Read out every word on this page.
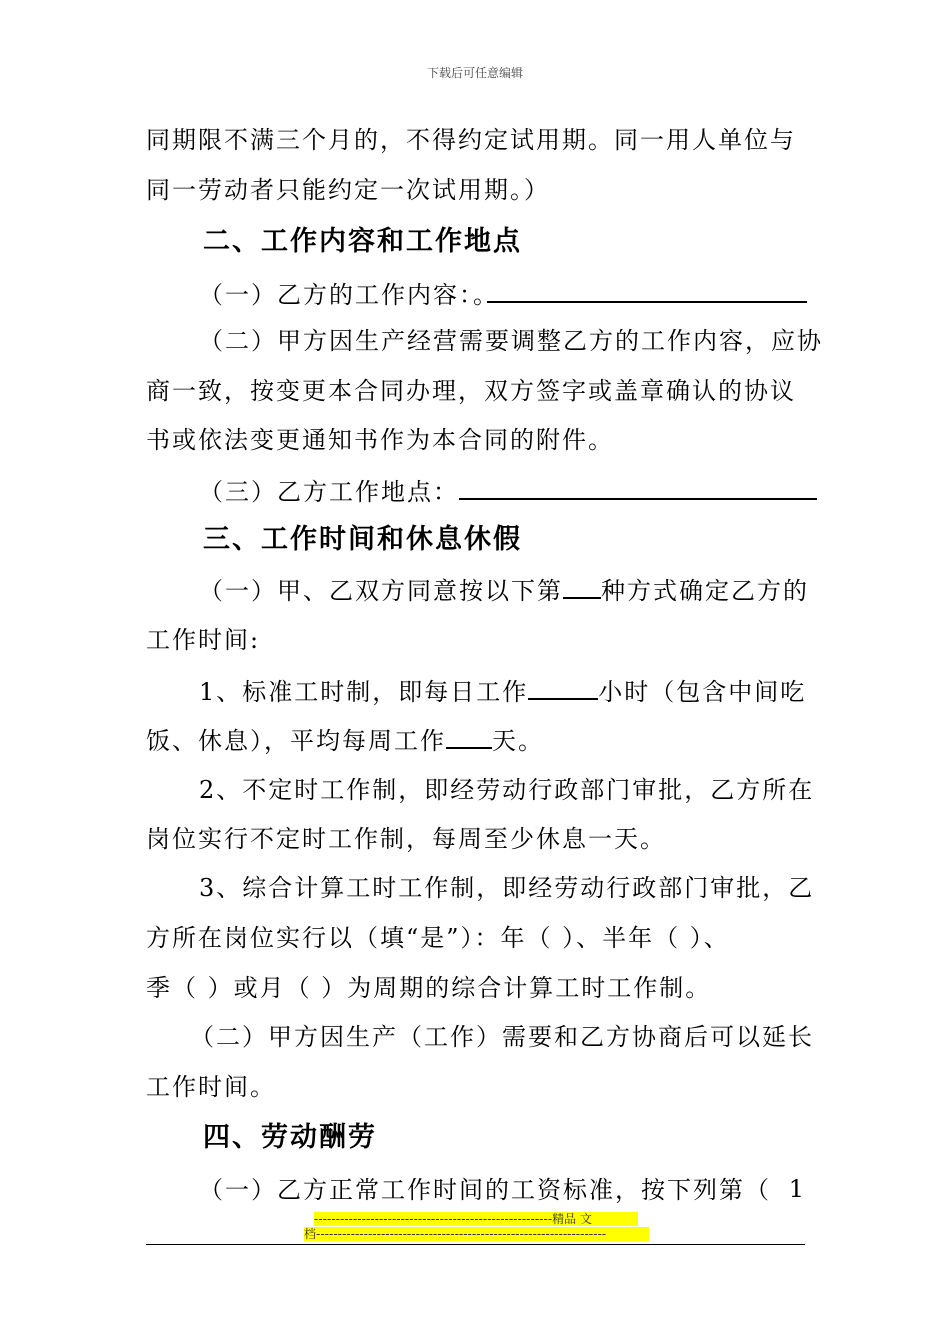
下载后可任意编辑
同期限不满三个月的，不得约定试用期。同一用人单位与
同一劳动者只能约定一次试用期。）
二、工作内容和工作地点
（一）乙方的工作内容：。
（二）甲方因生产经营需要调整乙方的工作内容，应协
商一致，按变更本合同办理，双方签字或盖章确认的协议
书或依法变更通知书作为本合同的附件。
（三）乙方工作地点：
三、工作时间和休息休假
（一）甲、乙双方同意按以下第 种方式确定乙方的
工作时间:
1、标准工时制，即每日工作	小时（包含中间吃
饭、休息），平均每周工作 天。
2、不定时工作制，即经劳动行政部门审批，乙方所在
岗位实行不定时工作制，每周至少休息一天。
3、综合计算工时工作制，即经劳动行政部门审批，乙
方所在岗位实行以（填“是”）：年（ ）、半年（ ）、
季（ ）或月（ ）为周期的综合计算工时工作制。
（二）甲方因生产（工作）需要和乙方协商后可以延长
工作时间。
四、劳动酬劳
（一）乙方正常工作时间的工资标准，按下列第（ 1
-------------------------------------------------------精品 文
档-------------------------------------------------------------------
